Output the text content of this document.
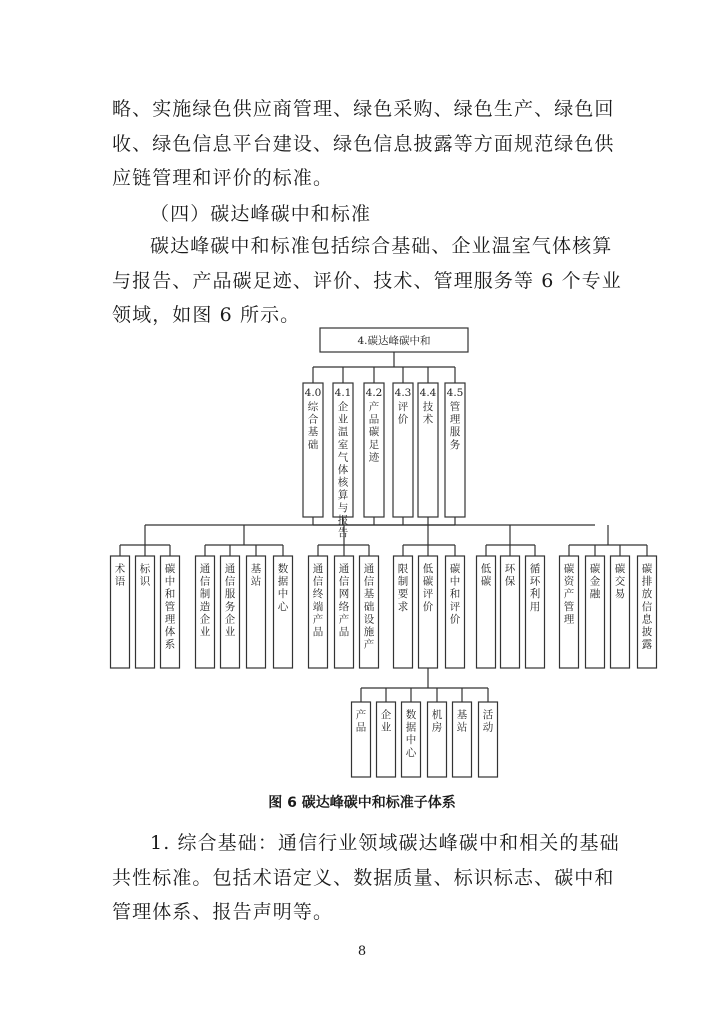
略、实施绿色供应商管理、绿色采购、绿色生产、绿色回收、绿色信息平台建设、绿色信息披露等方面规范绿色供应链管理和评价的标准。
（四）碳达峰碳中和标准
碳达峰碳中和标准包括综合基础、企业温室气体核算与报告、产品碳足迹、评价、技术、管理服务等 6 个专业领域，如图 6 所示。
4.碳达峰碳中和
4.0
综合基础
4.1
企业温室气体核算与报告
4.2
产品碳足迹
4.3
评价
4.4
技术
4.5
管理服务
术语
标识
碳中和管理体系
通信制造企业
通信服务企业
基站
数据中心
通信终端产品
通信网络产品
通信基础设施产
限制要求
低碳评价
碳中和评价
低碳
环保
循环利用
碳资产管理
碳金融
碳交易
碳排放信息披露
产品
企业
数据中心
机房
基站
活动
图 6 碳达峰碳中和标准子体系
1. 综合基础：通信行业领域碳达峰碳中和相关的基础共性标准。包括术语定义、数据质量、标识标志、碳中和管理体系、报告声明等。
8
